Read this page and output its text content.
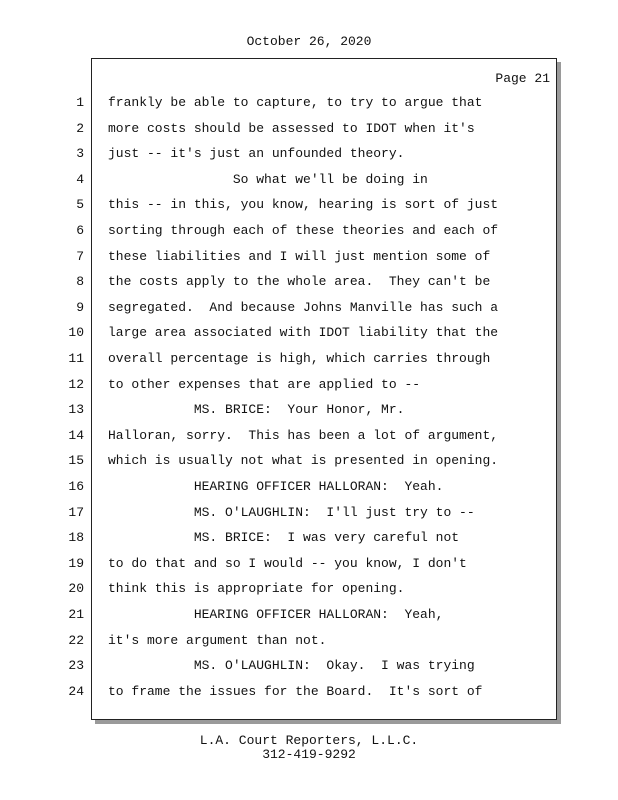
October 26, 2020
Page 21
1 frankly be able to capture, to try to argue that
2 more costs should be assessed to IDOT when it's
3 just -- it's just an unfounded theory.
4 So what we'll be doing in
5 this -- in this, you know, hearing is sort of just
6 sorting through each of these theories and each of
7 these liabilities and I will just mention some of
8 the costs apply to the whole area.  They can't be
9 segregated.  And because Johns Manville has such a
10 large area associated with IDOT liability that the
11 overall percentage is high, which carries through
12 to other expenses that are applied to --
13 MS. BRICE:  Your Honor, Mr.
14 Halloran, sorry.  This has been a lot of argument,
15 which is usually not what is presented in opening.
16 HEARING OFFICER HALLORAN:  Yeah.
17 MS. O'LAUGHLIN:  I'll just try to --
18 MS. BRICE:  I was very careful not
19 to do that and so I would -- you know, I don't
20 think this is appropriate for opening.
21 HEARING OFFICER HALLORAN:  Yeah,
22 it's more argument than not.
23 MS. O'LAUGHLIN:  Okay.  I was trying
24 to frame the issues for the Board.  It's sort of
L.A. Court Reporters, L.L.C.
312-419-9292
